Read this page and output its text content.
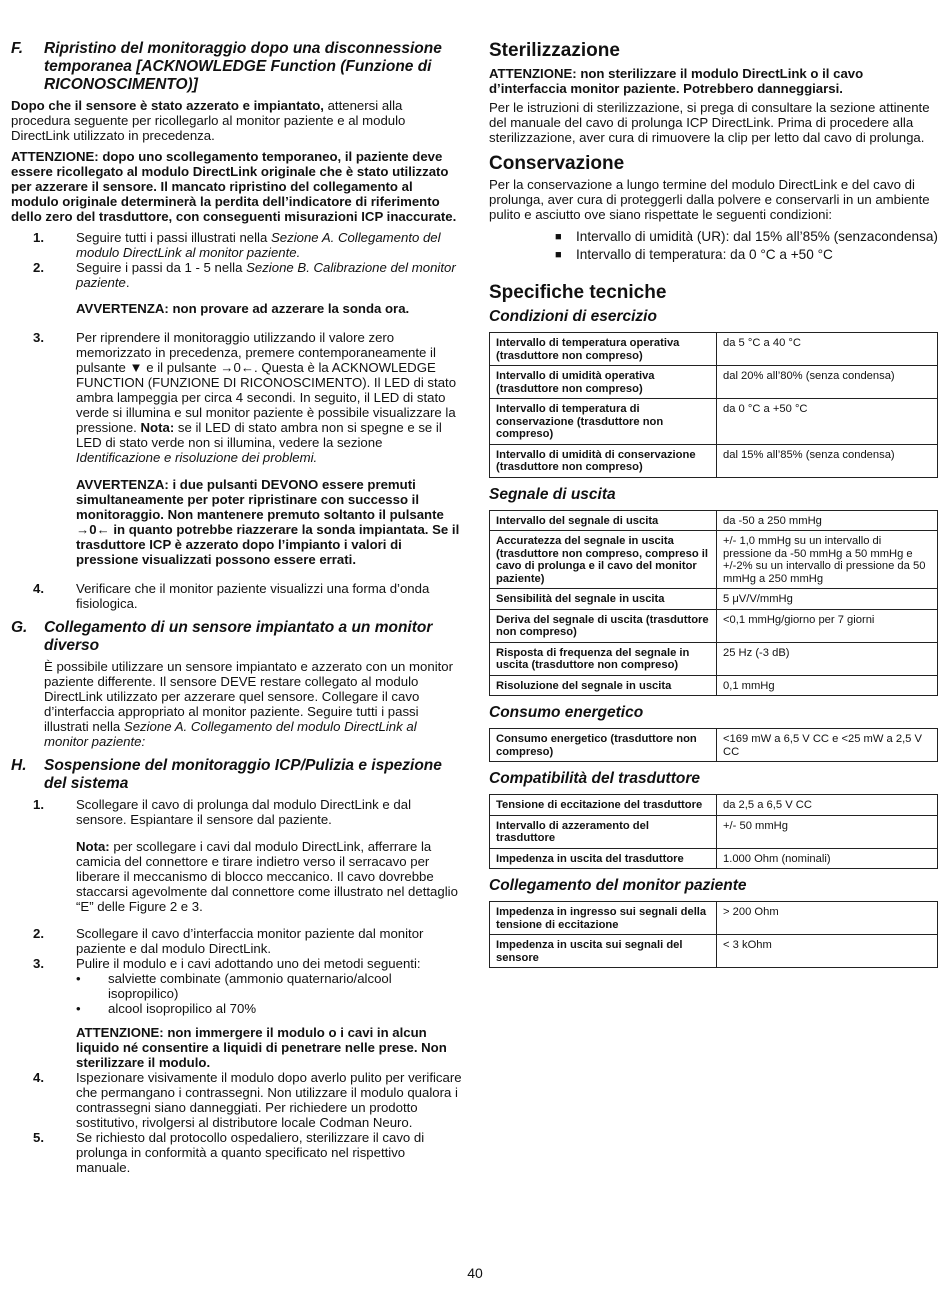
F.	Ripristino del monitoraggio dopo una disconnessione temporanea [ACKNOWLEDGE Function (Funzione di RICONOSCIMENTO)]

Dopo che il sensore è stato azzerato e impiantato, attenersi alla procedura seguente per ricollegarlo al monitor paziente e al modulo DirectLink utilizzato in precedenza.

ATTENZIONE: dopo uno scollegamento temporaneo, il paziente deve essere ricollegato al modulo DirectLink originale che è stato utilizzato per azzerare il sensore. Il mancato ripristino del collegamento al modulo originale determinerà la perdita dell’indicatore di riferimento dello zero del trasduttore, con conseguenti misurazioni ICP inaccurate.

1.	Seguire tutti i passi illustrati nella Sezione A. Collegamento del modulo DirectLink al monitor paziente.
2.	Seguire i passi da 1 - 5 nella Sezione B. Calibrazione del monitor paziente.

AVVERTENZA: non provare ad azzerare la sonda ora.

3.	Per riprendere il monitoraggio utilizzando il valore zero memorizzato in precedenza, premere contemporaneamente il pulsante ▼ e il pulsante →0←. Questa è la ACKNOWLEDGE FUNCTION (FUNZIONE DI RICONOSCIMENTO). Il LED di stato ambra lampeggia per circa 4 secondi. In seguito, il LED di stato verde si illumina e sul monitor paziente è possibile visualizzare la pressione. Nota: se il LED di stato ambra non si spegne e se il LED di stato verde non si illumina, vedere la sezione Identificazione e risoluzione dei problemi.

AVVERTENZA: i due pulsanti DEVONO essere premuti simultaneamente per poter ripristinare con successo il monitoraggio. Non mantenere premuto soltanto il pulsante →0← in quanto potrebbe riazzerare la sonda impiantata. Se il trasduttore ICP è azzerato dopo l’impianto i valori di pressione visualizzati possono essere errati.

4.	Verificare che il monitor paziente visualizzi una forma d’onda fisiologica.
G.	Collegamento di un sensore impiantato a un monitor diverso

È possibile utilizzare un sensore impiantato e azzerato con un monitor paziente differente. Il sensore DEVE restare collegato al modulo DirectLink utilizzato per azzerare quel sensore. Collegare il cavo d’interfaccia appropriato al monitor paziente. Seguire tutti i passi illustrati nella Sezione A. Collegamento del modulo DirectLink al monitor paziente:

H.	Sospensione del monitoraggio ICP/Pulizia e ispezione del sistema
1.	Scollegare il cavo di prolunga dal modulo DirectLink e dal sensore. Espiantare il sensore dal paziente.

Nota: per scollegare i cavi dal modulo DirectLink, afferrare la camicia del connettore e tirare indietro verso il serracavo per liberare il meccanismo di blocco meccanico. Il cavo dovrebbe staccarsi agevolmente dal connettore come illustrato nel dettaglio “E” delle Figure 2 e 3.

2.	Scollegare il cavo d’interfaccia monitor paziente dal monitor paziente e dal modulo DirectLink.
3.	Pulire il modulo e i cavi adottando uno dei metodi seguenti:
•	salviette combinate (ammonio quaternario/alcool isopropilico)
•	alcool isopropilico al 70%

ATTENZIONE: non immergere il modulo o i cavi in alcun liquido né consentire a liquidi di penetrare nelle prese. Non sterilizzare il modulo.

4.	Ispezionare visivamente il modulo dopo averlo pulito per verificare che permangano i contrassegni. Non utilizzare il modulo qualora i contrassegni siano danneggiati. Per richiedere un prodotto sostitutivo, rivolgersi al distributore locale Codman Neuro.
5.	Se richiesto dal protocollo ospedaliero, sterilizzare il cavo di prolunga in conformità a quanto specificato nel rispettivo manuale.
Sterilizzazione

ATTENZIONE: non sterilizzare il modulo DirectLink o il cavo d’interfaccia monitor paziente. Potrebbero danneggiarsi.

Per le istruzioni di sterilizzazione, si prega di consultare la sezione attinente del manuale del cavo di prolunga ICP DirectLink. Prima di procedere alla sterilizzazione, aver cura di rimuovere la clip per letto dal cavo di prolunga.

Conservazione

Per la conservazione a lungo termine del modulo DirectLink e del cavo di prolunga, aver cura di proteggerli dalla polvere e conservarli in un ambiente pulito e asciutto ove siano rispettate le seguenti condizioni:

■	Intervallo di umidità (UR): dal 15% all’85% (senzacondensa)
■	Intervallo di temperatura: da 0 °C a +50 °C
Specifiche tecniche
Condizioni di esercizio
Intervallo di temperatura operativa (trasduttore non compreso)	da 5 °C a 40 °C
Intervallo di umidità operativa (trasduttore non compreso)	dal 20% all’80% (senza condensa)
Intervallo di temperatura di conservazione (trasduttore non compreso)	da 0 °C a +50 °C
Intervallo di umidità di conservazione (trasduttore non compreso)	dal 15% all’85% (senza condensa)
Segnale di uscita
Intervallo del segnale di uscita	da -50 a 250 mmHg
Accuratezza del segnale in uscita (trasduttore non compreso, compreso il cavo di prolunga e il cavo del monitor paziente)	+/- 1,0 mmHg su un intervallo di pressione da -50 mmHg a 50 mmHg e +/-2% su un intervallo di pressione da 50 mmHg a 250 mmHg
Sensibilità del segnale in uscita	5 μV/V/mmHg
Deriva del segnale di uscita (trasduttore non compreso)	<0,1 mmHg/giorno per 7 giorni
Risposta di frequenza del segnale in uscita (trasduttore non compreso)	25 Hz (-3 dB)
Risoluzione del segnale in uscita	0,1 mmHg
Consumo energetico
Consumo energetico (trasduttore non compreso)	<169 mW a 6,5 V CC e <25 mW a 2,5 V CC
Compatibilità del trasduttore
Tensione di eccitazione del trasduttore	da 2,5 a 6,5 V CC
Intervallo di azzeramento del trasduttore	+/- 50 mmHg
Impedenza in uscita del trasduttore	1.000 Ohm (nominali)
Collegamento del monitor paziente
Impedenza in ingresso sui segnali della tensione di eccitazione	> 200 Ohm
Impedenza in uscita sui segnali del sensore	< 3 kOhm
40
